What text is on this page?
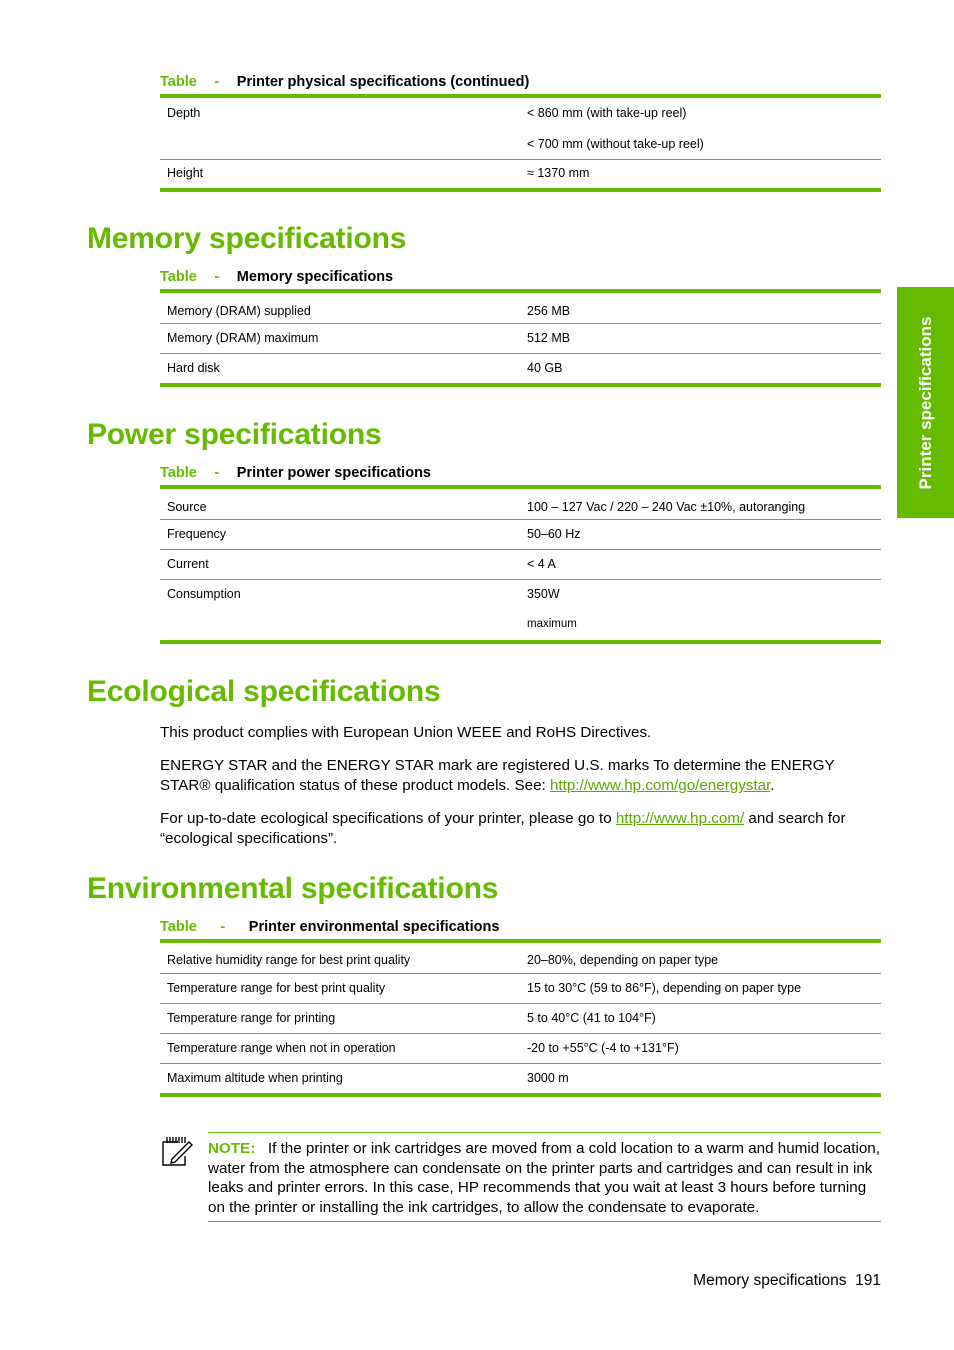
Table - Printer physical specifications (continued)
Depth	< 860 mm (with take-up reel)
< 700 mm (without take-up reel)
Height	≈ 1370 mm
Memory specifications
Table - Memory specifications
Memory (DRAM) supplied	256 MB
Memory (DRAM) maximum	512 MB
Hard disk	40 GB
Power specifications
Table - Printer power specifications
Source	100 – 127 Vac / 220 – 240 Vac ±10%, autoranging
Frequency	50–60 Hz
Current	< 4 A
Consumption	350W
maximum
Ecological specifications
This product complies with European Union WEEE and RoHS Directives.
ENERGY STAR and the ENERGY STAR mark are registered U.S. marks To determine the ENERGY STAR® qualification status of these product models. See: http://www.hp.com/go/energystar.
For up-to-date ecological specifications of your printer, please go to http://www.hp.com/ and search for “ecological specifications”.
Environmental specifications
Table - Printer environmental specifications
Relative humidity range for best print quality	20–80%, depending on paper type
Temperature range for best print quality	15 to 30°C (59 to 86°F), depending on paper type
Temperature range for printing	5 to 40°C (41 to 104°F)
Temperature range when not in operation	-20 to +55°C (-4 to +131°F)
Maximum altitude when printing	3000 m
NOTE: If the printer or ink cartridges are moved from a cold location to a warm and humid location, water from the atmosphere can condensate on the printer parts and cartridges and can result in ink leaks and printer errors. In this case, HP recommends that you wait at least 3 hours before turning on the printer or installing the ink cartridges, to allow the condensate to evaporate.
Printer specifications
Memory specifications 191
